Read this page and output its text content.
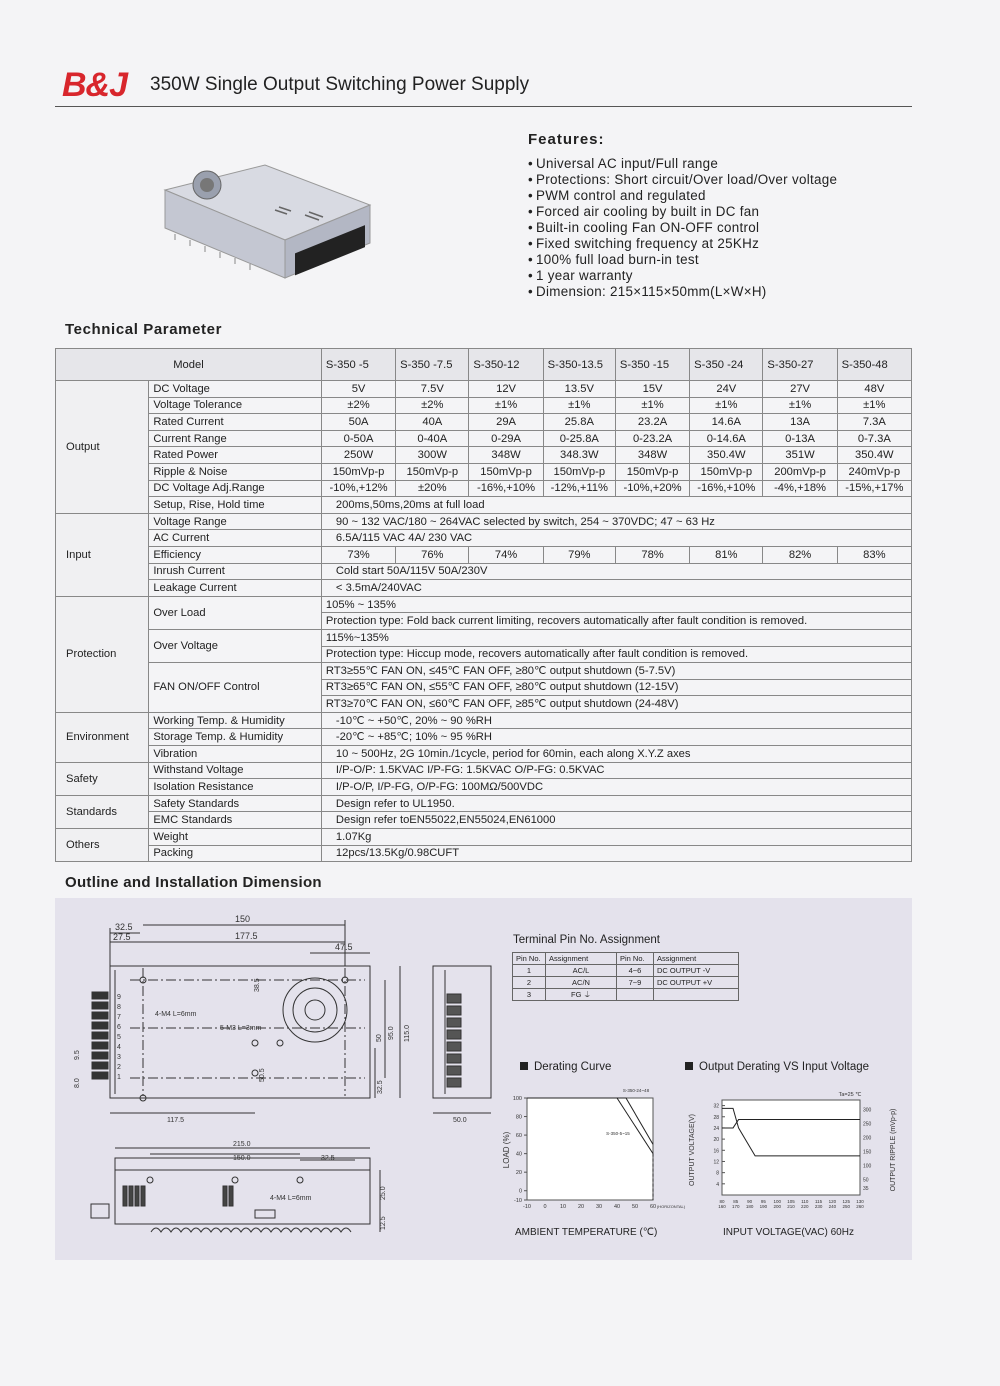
B&J 350W Single Output Switching Power Supply
Features:
• Universal AC input/Full range
• Protections: Short circuit/Over load/Over voltage
• PWM control and regulated
• Forced air cooling by built in DC fan
• Built-in cooling Fan ON-OFF control
• Fixed switching frequency at 25KHz
• 100% full load burn-in test
• 1 year warranty
• Dimension: 215×115×50mm(L×W×H)
Technical Parameter
Model		S-350 -5	S-350 -7.5	S-350-12	S-350-13.5	S-350 -15	S-350 -24	S-350-27	S-350-48
Output	DC Voltage	5V	7.5V	12V	13.5V	15V	24V	27V	48V
	Voltage Tolerance	±2%	±2%	±1%	±1%	±1%	±1%	±1%	±1%
	Rated Current	50A	40A	29A	25.8A	23.2A	14.6A	13A	7.3A
	Current Range	0-50A	0-40A	0-29A	0-25.8A	0-23.2A	0-14.6A	0-13A	0-7.3A
	Rated Power	250W	300W	348W	348.3W	348W	350.4W	351W	350.4W
	Ripple & Noise	150mVp-p	150mVp-p	150mVp-p	150mVp-p	150mVp-p	150mVp-p	200mVp-p	240mVp-p
	DC Voltage Adj.Range	-10%,+12%	±20%	-16%,+10%	-12%,+11%	-10%,+20%	-16%,+10%	-4%,+18%	-15%,+17%
	Setup, Rise, Hold time	200ms,50ms,20ms at full load							
Input	Voltage Range	90 ~ 132 VAC/180 ~ 264VAC selected by switch, 254 ~ 370VDC; 47 ~ 63 Hz							
	AC Current	6.5A/115 VAC 4A/ 230 VAC							
	Efficiency	73%	76%	74%	79%	78%	81%	82%	83%
	Inrush Current	Cold start 50A/115V 50A/230V							
	Leakage Current	< 3.5mA/240VAC							
Protection	Over Load	105% ~ 135%							
		Protection type: Fold back current limiting, recovers automatically after fault condition is removed.							
	Over Voltage	115%~135%							
		Protection type: Hiccup mode, recovers automatically after fault condition is removed.							
	FAN ON/OFF Control	RT3≥55℃ FAN ON, ≤45℃ FAN OFF, ≥80℃ output shutdown (5-7.5V)							
		RT3≥65℃ FAN ON, ≤55℃ FAN OFF, ≥80℃ output shutdown (12-15V)							
		RT3≥70℃ FAN ON, ≤60℃ FAN OFF, ≥85℃ output shutdown (24-48V)							
Environment	Working Temp. & Humidity	-10℃ ~ +50℃, 20% ~ 90 %RH							
	Storage Temp. & Humidity	-20℃ ~ +85℃; 10% ~ 95 %RH							
	Vibration	10 ~ 500Hz, 2G 10min./1cycle, period for 60min, each along X.Y.Z axes							
Safety	Withstand Voltage	I/P-O/P: 1.5KVAC I/P-FG: 1.5KVAC O/P-FG: 0.5KVAC							
	Isolation Resistance	I/P-O/P, I/P-FG, O/P-FG: 100MΩ/500VDC							
Standards	Safety Standards	Design refer to UL1950.							
	EMC Standards	Design refer toEN55022,EN55024,EN61000							
Others	Weight	1.07Kg							
	Packing	12pcs/13.5Kg/0.98CUFT							
Outline and Installation Dimension
32.5
27.5
150
177.5
47.5
38.5
50 95.0 115.0
50.5
32.5
9.5
8.0
117.5	50.0
215.0
150.0	32.5
25.0
12.5
4-M4 L=6mm
5-M3 L=3mm
4-M4 L=6mm
9
8
7
6
5
4
3
2
1
Terminal Pin No. Assignment
Pin No.	Assignment	Pin No.	Assignment
1	AC/L	4~6	DC OUTPUT -V
2	AC/N	7~9	DC OUTPUT +V
3	FG ⏚		
Derating Curve	Output Derating VS Input Voltage
-10
0
20
40
60
80
100
-10 0 10 20 30 40 50 60 (HORIZONTAL)
LOAD (%)
S-350-24~48
S-350-5~15
4
8
12
16
20
24
28
32
35
50
100
150
200
250
300
80 85 90 95 100 105 110 115 120 125 130
160 170 180 190 200 210 220 230 240 250 260
OUTPUT VOLTAGE(V)	OUTPUT RIPPLE (mVp-p)
Ta=25 ℃
AMBIENT TEMPERATURE (℃)	INPUT VOLTAGE(VAC) 60Hz
